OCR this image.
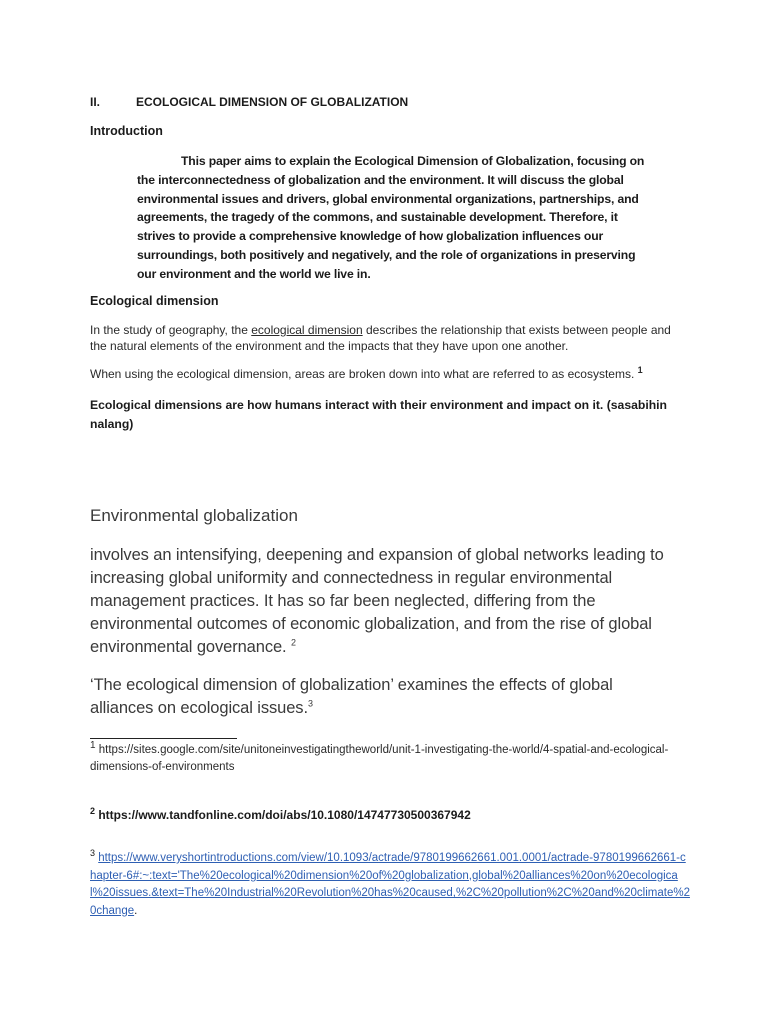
II.	ECOLOGICAL DIMENSION OF GLOBALIZATION
Introduction
This paper aims to explain the Ecological Dimension of Globalization, focusing on the interconnectedness of globalization and the environment. It will discuss the global environmental issues and drivers, global environmental organizations, partnerships, and agreements, the tragedy of the commons, and sustainable development. Therefore, it strives to provide a comprehensive knowledge of how globalization influences our surroundings, both positively and negatively, and the role of organizations in preserving our environment and the world we live in.
Ecological dimension
In the study of geography, the ecological dimension describes the relationship that exists between people and the natural elements of the environment and the impacts that they have upon one another.
When using the ecological dimension, areas are broken down into what are referred to as ecosystems. $^1$
Ecological dimensions are how humans interact with their environment and impact on it. (sasabihin nalang)
Environmental globalization
involves an intensifying, deepening and expansion of global networks leading to increasing global uniformity and connectedness in regular environmental management practices. It has so far been neglected, differing from the environmental outcomes of economic globalization, and from the rise of global environmental governance. $^2$
‘The ecological dimension of globalization’ examines the effects of global alliances on ecological issues.$^3$
$^1$ https://sites.google.com/site/unitoneinvestigatingtheworld/unit-1-investigating-the-world/4-spatial-and-ecological-dimensions-of-environments
$^2$ https://www.tandfonline.com/doi/abs/10.1080/14747730500367942
$^3$ https://www.veryshortintroductions.com/view/10.1093/actrade/9780199662661.001.0001/actrade-9780199662661-chapter-6#:~:text='The%20ecological%20dimension%20of%20globalization,global%20alliances%20on%20ecological%20issues.&text=The%20Industrial%20Revolution%20has%20caused,%2C%20pollution%2C%20and%20climate%20change.
